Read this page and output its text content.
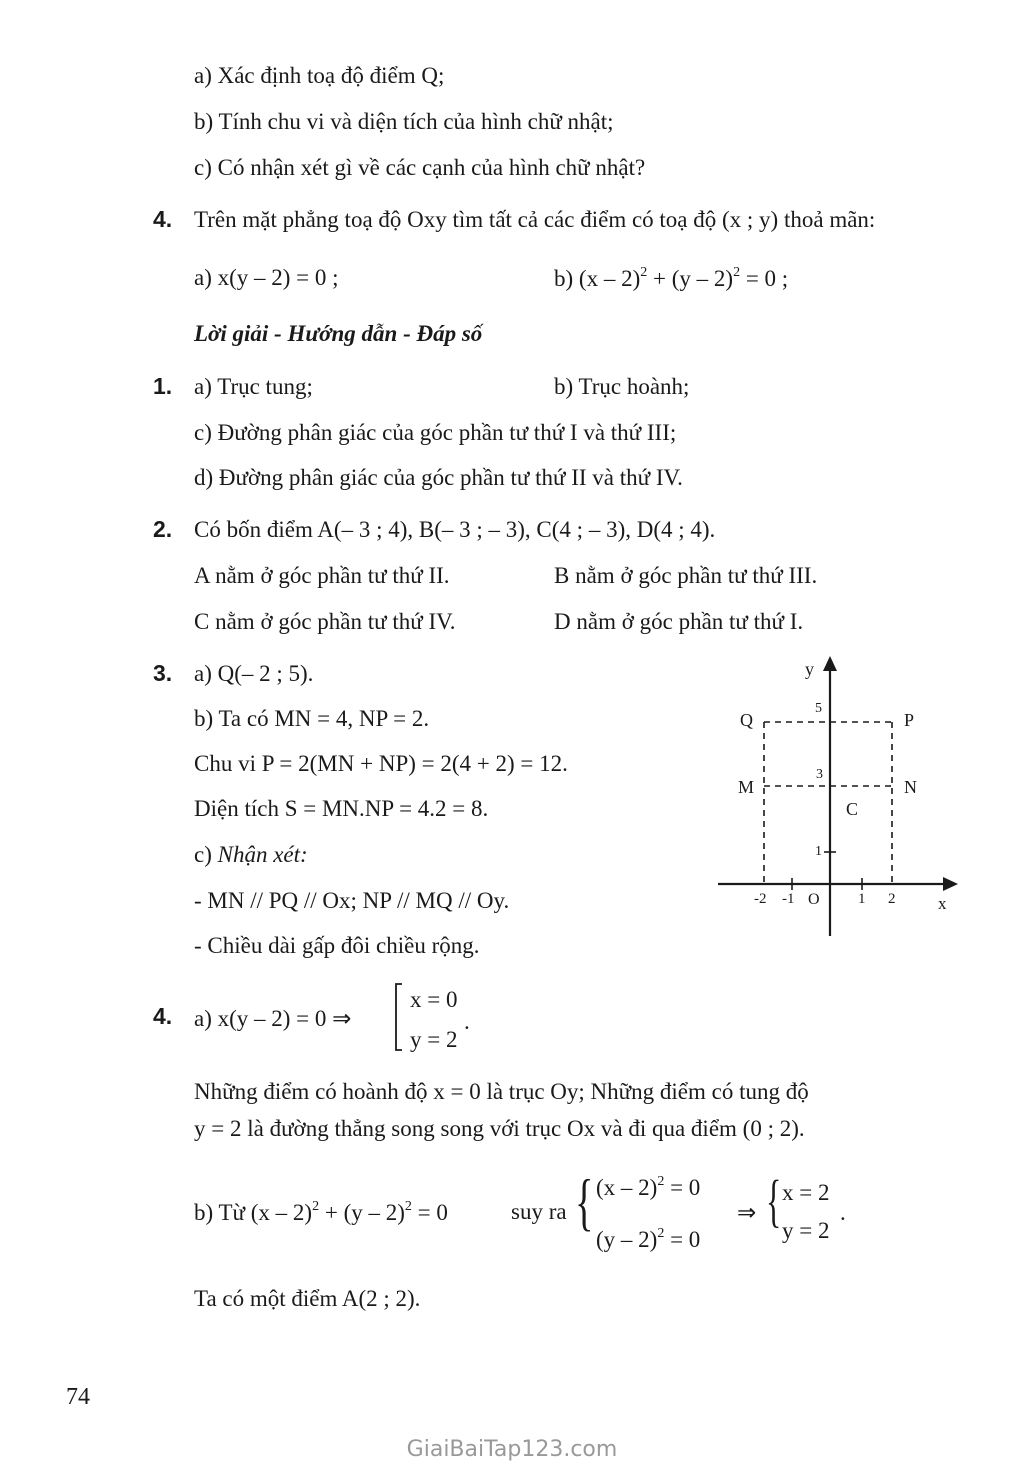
a) Xác định toạ độ điểm Q;
b) Tính chu vi và diện tích của hình chữ nhật;
c) Có nhận xét gì về các cạnh của hình chữ nhật?
4. Trên mặt phẳng toạ độ Oxy tìm tất cả các điểm có toạ độ (x ; y) thoả mãn:
a) x(y – 2) = 0 ;	b) (x – 2)$^2$ + (y – 2)$^2$ = 0 ;
Lời giải - Hướng dẫn - Đáp số
1. a) Trục tung;	b) Trục hoành;
c) Đường phân giác của góc phần tư thứ I và thứ III;
d) Đường phân giác của góc phần tư thứ II và thứ IV.
2. Có bốn điểm A(– 3 ; 4), B(– 3 ; – 3), C(4 ; – 3), D(4 ; 4).
A nằm ở góc phần tư thứ II.	B nằm ở góc phần tư thứ III.
C nằm ở góc phần tư thứ IV.	D nằm ở góc phần tư thứ I.
3. a) Q(– 2 ; 5).
b) Ta có MN = 4, NP = 2.
Chu vi P = 2(MN + NP) = 2(4 + 2) = 12.
Diện tích S = MN.NP = 4.2 = 8.
c) Nhận xét:
- MN // PQ // Ox; NP // MQ // Oy.
- Chiều dài gấp đôi chiều rộng.
y
Q	P
M	N
C
5
3
1
-2 -1 O	1 2	x
4. a) x(y – 2) = 0 ⇒
x = 0
y = 2
.
Những điểm có hoành độ x = 0 là trục Oy; Những điểm có tung độ
y = 2 là đường thẳng song song với trục Ox và đi qua điểm (0 ; 2).
b) Từ (x – 2)$^2$ + (y – 2)$^2$ = 0	suy ra { (x – 2)$^2$ = 0
(y – 2)$^2$ = 0
⇒ { x = 2
y = 2
.
Ta có một điểm A(2 ; 2).
74
GiaiBaiTap123.com
